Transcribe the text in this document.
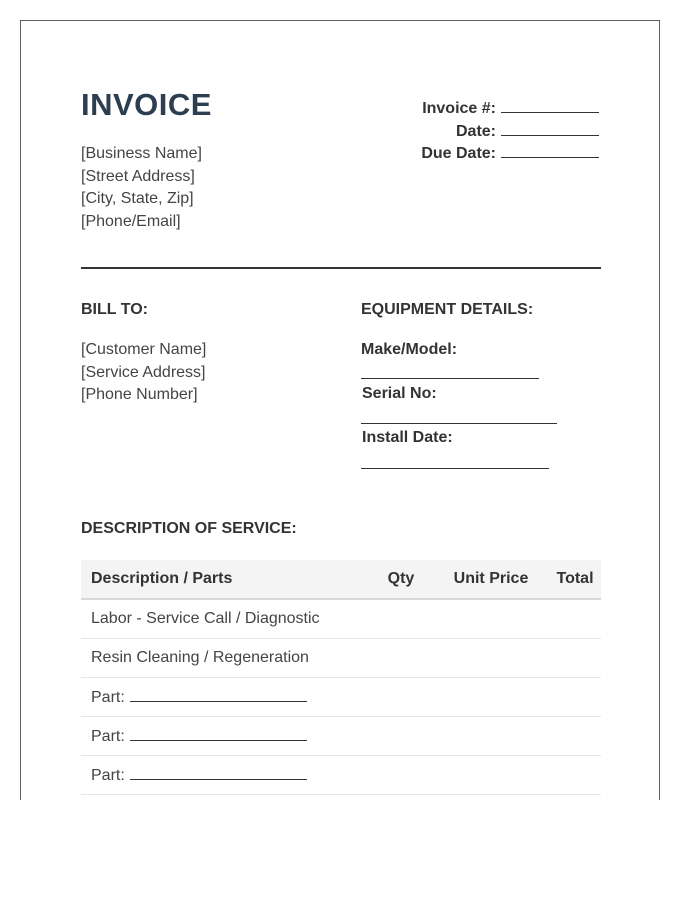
INVOICE
[Business Name]
[Street Address]
[City, State, Zip]
[Phone/Email]
Invoice #:
Date:
Due Date:
BILL TO:
[Customer Name]
[Service Address]
[Phone Number]
EQUIPMENT DETAILS:
Make/Model:
Serial No:
Install Date:
DESCRIPTION OF SERVICE:
Description / Parts	Qty	Unit Price	Total
Labor - Service Call / Diagnostic			
Resin Cleaning / Regeneration			
Part:			
Part:			
Part:			
